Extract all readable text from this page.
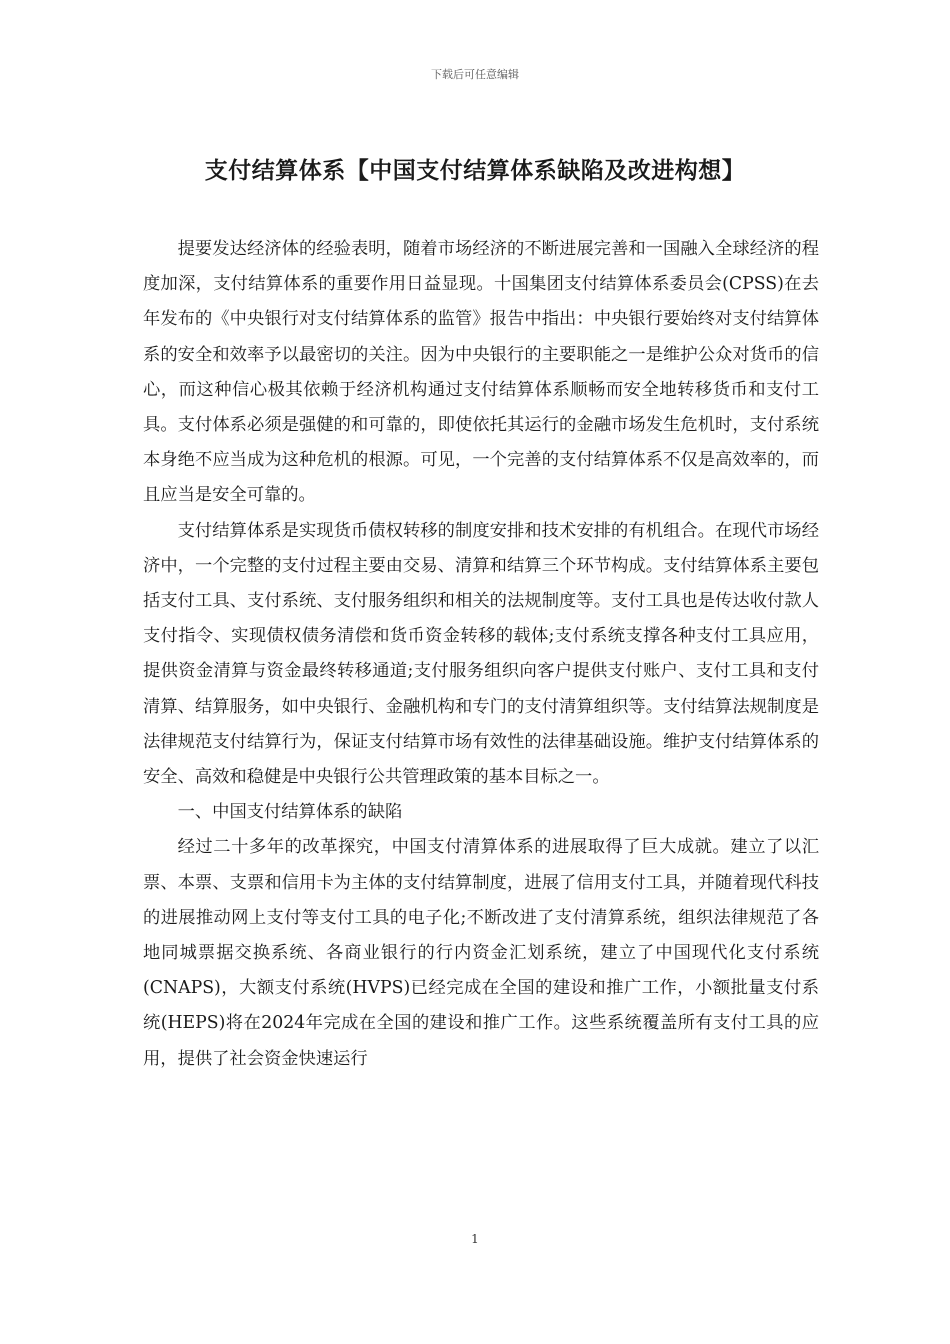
下载后可任意编辑
支付结算体系【中国支付结算体系缺陷及改进构想】

提要发达经济体的经验表明，随着市场经济的不断进展完善和一国融入全球经济的程度加深，支付结算体系的重要作用日益显现。十国集团支付结算体系委员会(CPSS)在去年发布的《中央银行对支付结算体系的监管》报告中指出：中央银行要始终对支付结算体系的安全和效率予以最密切的关注。因为中央银行的主要职能之一是维护公众对货币的信心，而这种信心极其依赖于经济机构通过支付结算体系顺畅而安全地转移货币和支付工具。支付体系必须是强健的和可靠的，即使依托其运行的金融市场发生危机时，支付系统本身绝不应当成为这种危机的根源。可见，一个完善的支付结算体系不仅是高效率的，而且应当是安全可靠的。

支付结算体系是实现货币债权转移的制度安排和技术安排的有机组合。在现代市场经济中，一个完整的支付过程主要由交易、清算和结算三个环节构成。支付结算体系主要包括支付工具、支付系统、支付服务组织和相关的法规制度等。支付工具也是传达收付款人支付指令、实现债权债务清偿和货币资金转移的载体;支付系统支撑各种支付工具应用，提供资金清算与资金最终转移通道;支付服务组织向客户提供支付账户、支付工具和支付清算、结算服务，如中央银行、金融机构和专门的支付清算组织等。支付结算法规制度是法律规范支付结算行为，保证支付结算市场有效性的法律基础设施。维护支付结算体系的安全、高效和稳健是中央银行公共管理政策的基本目标之一。

一、中国支付结算体系的缺陷

经过二十多年的改革探究，中国支付清算体系的进展取得了巨大成就。建立了以汇票、本票、支票和信用卡为主体的支付结算制度，进展了信用支付工具，并随着现代科技的进展推动网上支付等支付工具的电子化;不断改进了支付清算系统，组织法律规范了各地同城票据交换系统、各商业银行的行内资金汇划系统，建立了中国现代化支付系统(CNAPS)，大额支付系统(HVPS)已经完成在全国的建设和推广工作，小额批量支付系统(HEPS)将在2024年完成在全国的建设和推广工作。这些系统覆盖所有支付工具的应用，提供了社会资金快速运行

1
